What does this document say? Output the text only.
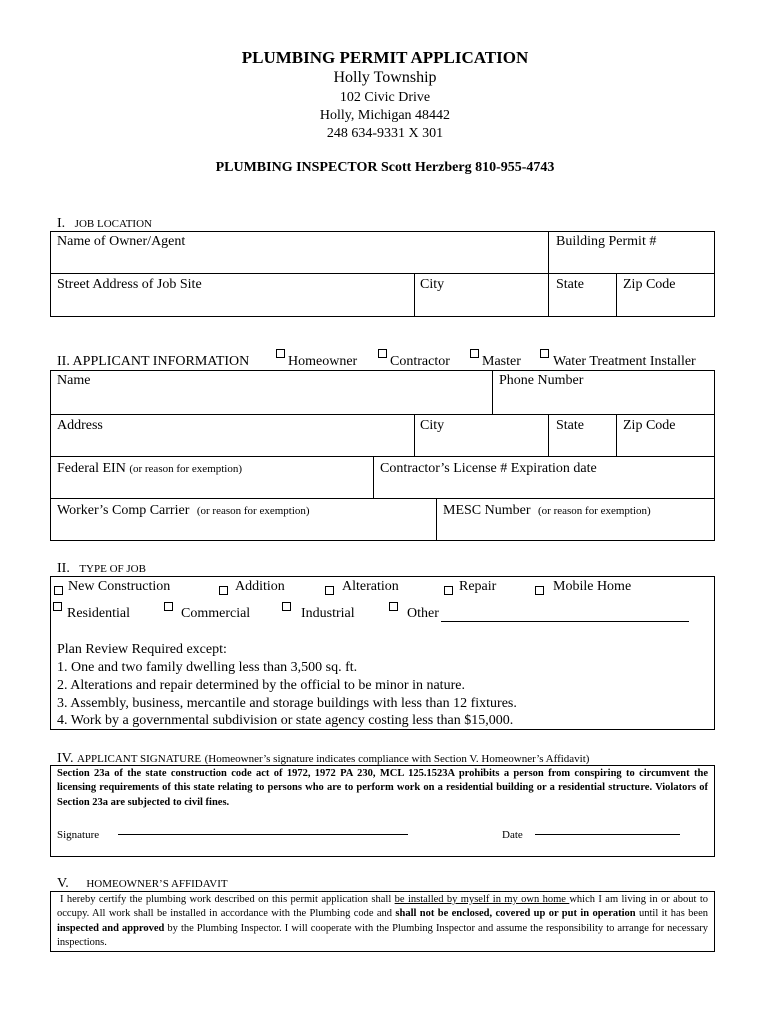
PLUMBING PERMIT APPLICATION
Holly Township
102 Civic Drive
Holly, Michigan 48442
248 634-9331 X 301
PLUMBING INSPECTOR Scott Herzberg 810-955-4743
I. JOB LOCATION
Name of Owner/Agent	Building Permit #
Street Address of Job Site	City	State	Zip Code
II. APPLICANT INFORMATION	Homeowner Contractor Master Water Treatment Installer
Name	Phone Number
Address	City	State	Zip Code
Federal EIN (or reason for exemption)	Contractor’s License # Expiration date
Worker’s Comp Carrier (or reason for exemption)	MESC Number (or reason for exemption)
II. TYPE OF JOB
New Construction	Addition	Alteration	Repair	Mobile Home
Residential	Commercial	Industrial	Other
Plan Review Required except:
1. One and two family dwelling less than 3,500 sq. ft.
2. Alterations and repair determined by the official to be minor in nature.
3. Assembly, business, mercantile and storage buildings with less than 12 fixtures.
4. Work by a governmental subdivision or state agency costing less than $15,000.
IV. APPLICANT SIGNATURE (Homeowner’s signature indicates compliance with Section V. Homeowner’s Affidavit)
Section 23a of the state construction code act of 1972, 1972 PA 230, MCL 125.1523A prohibits a person from conspiring to circumvent the licensing requirements of this state relating to persons who are to perform work on a residential building or a residential structure. Violators of Section 23a are subjected to civil fines.
Signature	Date
V. HOMEOWNER’S AFFIDAVIT
I hereby certify the plumbing work described on this permit application shall be installed by myself in my own home which I am living in or about to occupy. All work shall be installed in accordance with the Plumbing code and shall not be enclosed, covered up or put in operation until it has been inspected and approved by the Plumbing Inspector. I will cooperate with the Plumbing Inspector and assume the responsibility to arrange for necessary inspections.
